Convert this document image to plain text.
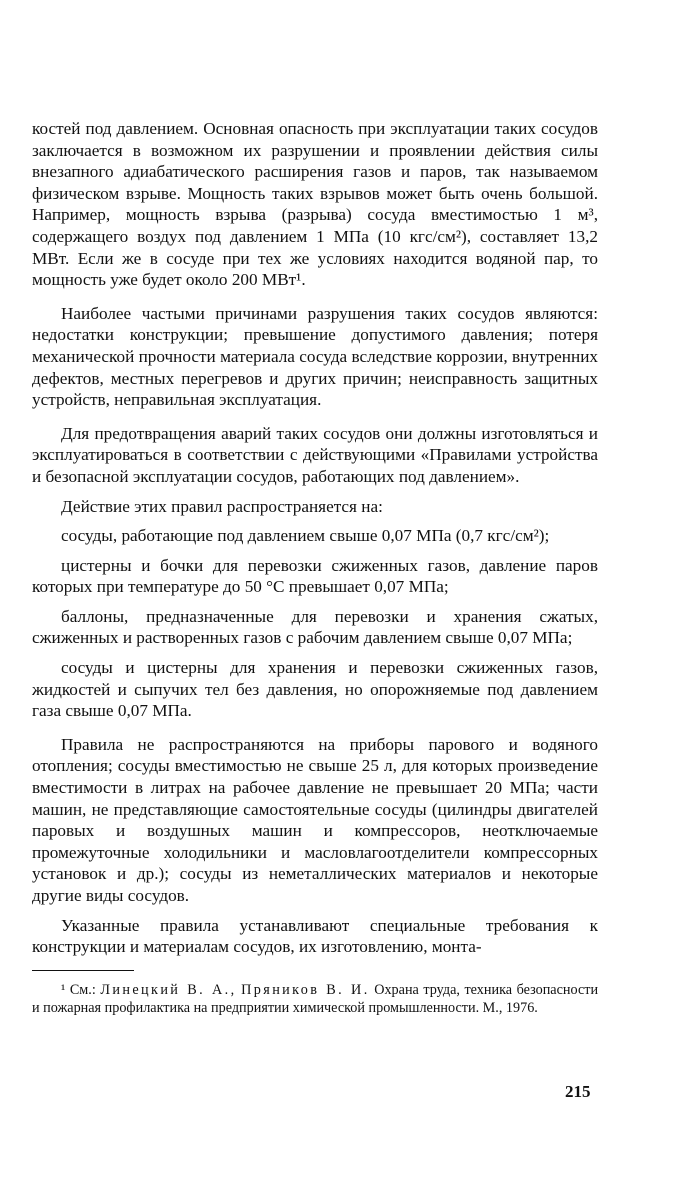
костей под давлением. Основная опасность при эксплуатации таких сосудов заключается в возможном их разрушении и проявлении действия силы внезапного адиабатического расширения газов и паров, так называемом физическом взрыве. Мощность таких взрывов может быть очень большой. Например, мощность взрыва (разрыва) сосуда вместимостью 1 м³, содержащего воздух под давлением 1 МПа (10 кгс/см²), составляет 13,2 МВт. Если же в сосуде при тех же условиях находится водяной пар, то мощность уже будет около 200 МВт¹.

Наиболее частыми причинами разрушения таких сосудов являются: недостатки конструкции; превышение допустимого давления; потеря механической прочности материала сосуда вследствие коррозии, внутренних дефектов, местных перегревов и других причин; неисправность защитных устройств, неправильная эксплуатация.

Для предотвращения аварий таких сосудов они должны изготовляться и эксплуатироваться в соответствии с действующими «Правилами устройства и безопасной эксплуатации сосудов, работающих под давлением».

Действие этих правил распространяется на:

сосуды, работающие под давлением свыше 0,07 МПа (0,7 кгс/см²);

цистерны и бочки для перевозки сжиженных газов, давление паров которых при температуре до 50 °С превышает 0,07 МПа;

баллоны, предназначенные для перевозки и хранения сжатых, сжиженных и растворенных газов с рабочим давлением свыше 0,07 МПа;

сосуды и цистерны для хранения и перевозки сжиженных газов, жидкостей и сыпучих тел без давления, но опорожняемые под давлением газа свыше 0,07 МПа.

Правила не распространяются на приборы парового и водяного отопления; сосуды вместимостью не свыше 25 л, для которых произведение вместимости в литрах на рабочее давление не превышает 20 МПа; части машин, не представляющие самостоятельные сосуды (цилиндры двигателей паровых и воздушных машин и компрессоров, неотключаемые промежуточные холодильники и масловлагоотделители компрессорных установок и др.); сосуды из неметаллических материалов и некоторые другие виды сосудов.

Указанные правила устанавливают специальные требования к конструкции и материалам сосудов, их изготовлению, монта-

¹ См.: Линецкий В. А., Пряников В. И. Охрана труда, техника безопасности и пожарная профилактика на предприятии химической промышленности. М., 1976.

215
